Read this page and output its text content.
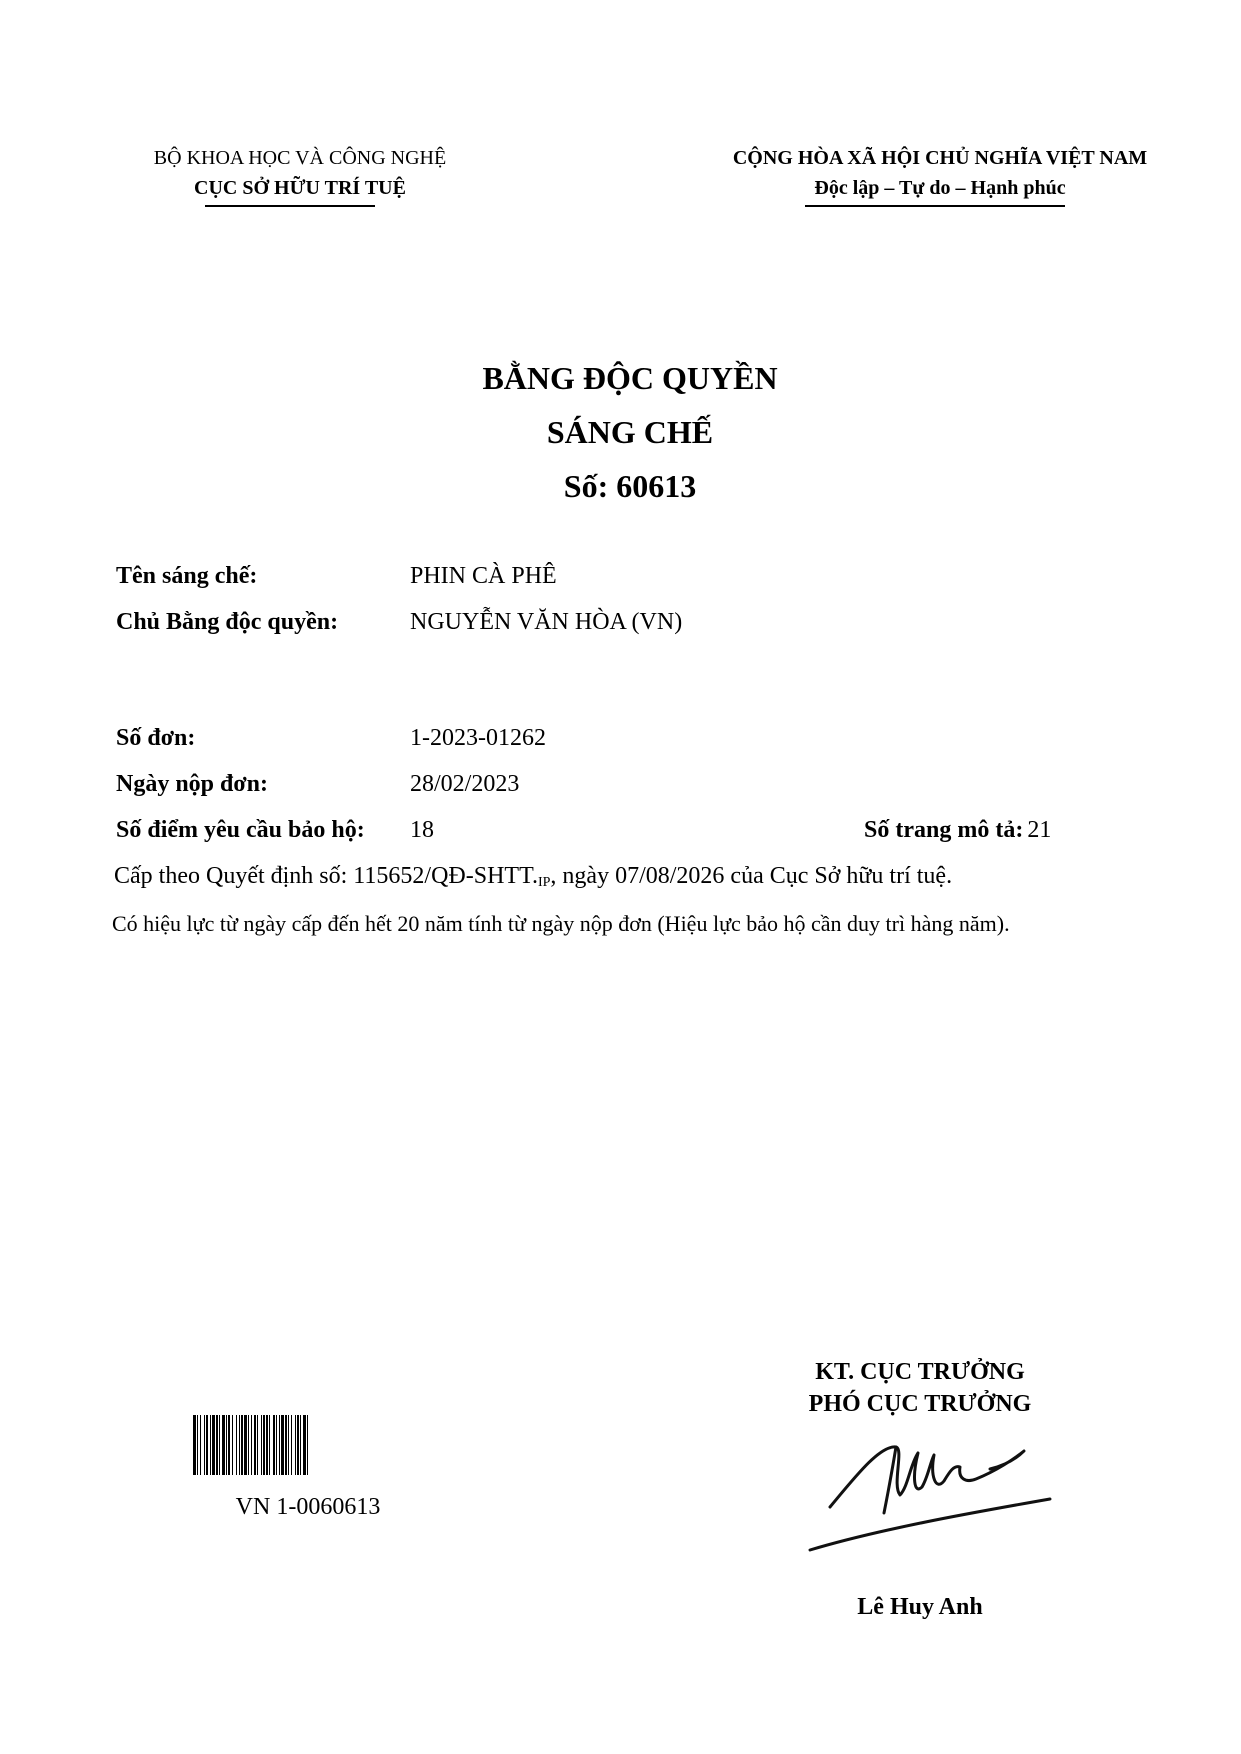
BỘ KHOA HỌC VÀ CÔNG NGHỆ
CỤC SỞ HỮU TRÍ TUỆ
CỘNG HÒA XÃ HỘI CHỦ NGHĨA VIỆT NAM
Độc lập – Tự do – Hạnh phúc
BẰNG ĐỘC QUYỀN
SÁNG CHẾ
Số: 60613
Tên sáng chế:	PHIN CÀ PHÊ
Chủ Bằng độc quyền:	NGUYỄN VĂN HÒA (VN)
Số đơn:	1-2023-01262
Ngày nộp đơn:	28/02/2023
Số điểm yêu cầu bảo hộ: 18	Số trang mô tả: 21
Cấp theo Quyết định số: $115652/QĐ-SHTT._{IP}$, ngày 07/08/2026 của Cục Sở hữu trí tuệ.
Có hiệu lực từ ngày cấp đến hết 20 năm tính từ ngày nộp đơn (Hiệu lực bảo hộ cần duy trì hàng năm).
KT. CỤC TRƯỞNG
PHÓ CỤC TRƯỞNG
Lê Huy Anh
VN 1-0060613
